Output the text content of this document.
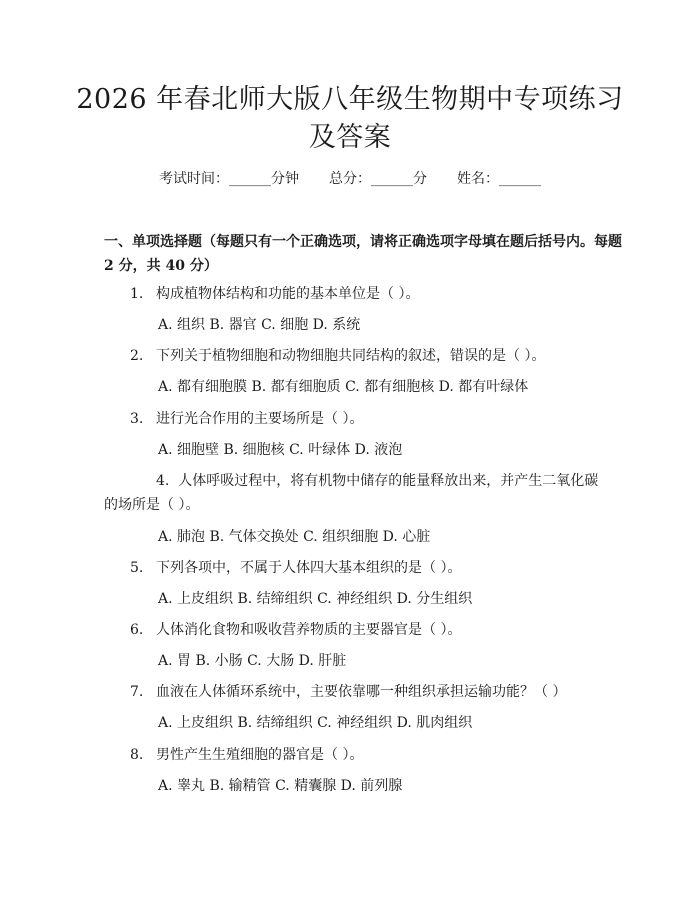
2026 年春北师大版八年级生物期中专项练习
及答案
考试时间：______分钟 总分：______分 姓名：______
一、单项选择题（每题只有一个正确选项，请将正确选项字母填在题后括号内。每题 2 分，共 40 分）
1. 构成植物体结构和功能的基本单位是（ ）。
A. 组织 B. 器官 C. 细胞 D. 系统
2. 下列关于植物细胞和动物细胞共同结构的叙述，错误的是（ ）。
A. 都有细胞膜 B. 都有细胞质 C. 都有细胞核 D. 都有叶绿体
3. 进行光合作用的主要场所是（ ）。
A. 细胞壁 B. 细胞核 C. 叶绿体 D. 液泡
4. 人体呼吸过程中，将有机物中储存的能量释放出来，并产生二氧化碳的场所是（ ）。
A. 肺泡 B. 气体交换处 C. 组织细胞 D. 心脏
5. 下列各项中，不属于人体四大基本组织的是（ ）。
A. 上皮组织 B. 结缔组织 C. 神经组织 D. 分生组织
6. 人体消化食物和吸收营养物质的主要器官是（ ）。
A. 胃 B. 小肠 C. 大肠 D. 肝脏
7. 血液在人体循环系统中，主要依靠哪一种组织承担运输功能？（ ）
A. 上皮组织 B. 结缔组织 C. 神经组织 D. 肌肉组织
8. 男性产生生殖细胞的器官是（ ）。
A. 睾丸 B. 输精管 C. 精囊腺 D. 前列腺
